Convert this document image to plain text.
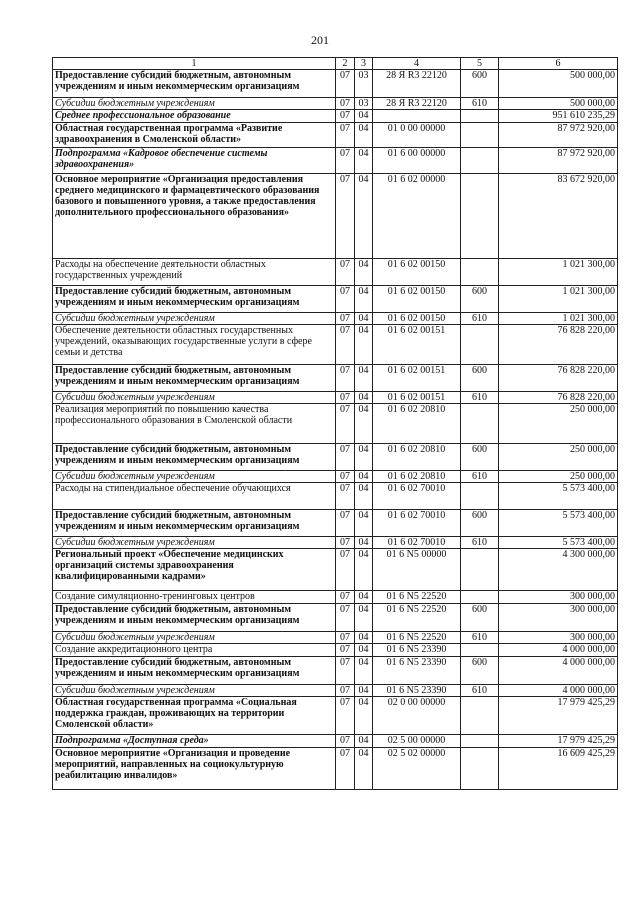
201
1	2	3	4	5	6
Предоставление субсидий бюджетным, автономным учреждениям и иным некоммерческим организациям	07	03	28 Я R3 22120	600	500 000,00
Субсидии бюджетным учреждениям	07	03	28 Я R3 22120	610	500 000,00
Среднее профессиональное образование	07	04			951 610 235,29
Областная государственная программа «Развитие здравоохранения в Смоленской области»	07	04	01 0 00 00000		87 972 920,00
Подпрограмма «Кадровое обеспечение системы здравоохранения»	07	04	01 6 00 00000		87 972 920,00
Основное мероприятие «Организация предоставления среднего медицинского и фармацевтического образования базового и повышенного уровня, а также предоставления дополнительного профессионального образования»	07	04	01 6 02 00000		83 672 920,00
Расходы на обеспечение деятельности областных государственных учреждений	07	04	01 6 02 00150		1 021 300,00
Предоставление субсидий бюджетным, автономным учреждениям и иным некоммерческим организациям	07	04	01 6 02 00150	600	1 021 300,00
Субсидии бюджетным учреждениям	07	04	01 6 02 00150	610	1 021 300,00
Обеспечение деятельности областных государственных учреждений, оказывающих государственные услуги в сфере семьи и детства	07	04	01 6 02 00151		76 828 220,00
Предоставление субсидий бюджетным, автономным учреждениям и иным некоммерческим организациям	07	04	01 6 02 00151	600	76 828 220,00
Субсидии бюджетным учреждениям	07	04	01 6 02 00151	610	76 828 220,00
Реализация мероприятий по повышению качества профессионального образования в Смоленской области	07	04	01 6 02 20810		250 000,00
Предоставление субсидий бюджетным, автономным учреждениям и иным некоммерческим организациям	07	04	01 6 02 20810	600	250 000,00
Субсидии бюджетным учреждениям	07	04	01 6 02 20810	610	250 000,00
Расходы на стипендиальное обеспечение обучающихся	07	04	01 6 02 70010		5 573 400,00
Предоставление субсидий бюджетным, автономным учреждениям и иным некоммерческим организациям	07	04	01 6 02 70010	600	5 573 400,00
Субсидии бюджетным учреждениям	07	04	01 6 02 70010	610	5 573 400,00
Региональный проект «Обеспечение медицинских организаций системы здравоохранения квалифицированными кадрами»	07	04	01 6 N5 00000		4 300 000,00
Создание симуляционно-тренинговых центров	07	04	01 6 N5 22520		300 000,00
Предоставление субсидий бюджетным, автономным учреждениям и иным некоммерческим организациям	07	04	01 6 N5 22520	600	300 000,00
Субсидии бюджетным учреждениям	07	04	01 6 N5 22520	610	300 000,00
Создание аккредитационного центра	07	04	01 6 N5 23390		4 000 000,00
Предоставление субсидий бюджетным, автономным учреждениям и иным некоммерческим организациям	07	04	01 6 N5 23390	600	4 000 000,00
Субсидии бюджетным учреждениям	07	04	01 6 N5 23390	610	4 000 000,00
Областная государственная программа «Социальная поддержка граждан, проживающих на территории Смоленской области»	07	04	02 0 00 00000		17 979 425,29
Подпрограмма «Доступная среда»	07	04	02 5 00 00000		17 979 425,29
Основное мероприятие «Организация и проведение мероприятий, направленных на социокультурную реабилитацию инвалидов»	07	04	02 5 02 00000		16 609 425,29
